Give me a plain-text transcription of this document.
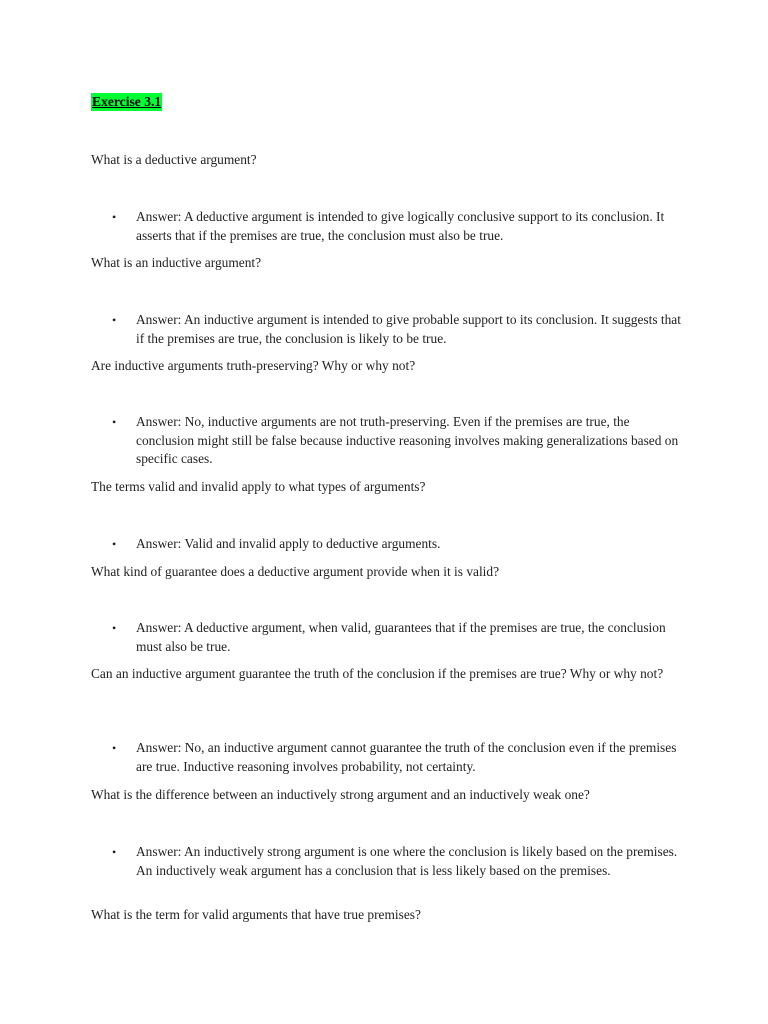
Exercise 3.1

What is a deductive argument?

• Answer: A deductive argument is intended to give logically conclusive support to its conclusion. It asserts that if the premises are true, the conclusion must also be true.

What is an inductive argument?

• Answer: An inductive argument is intended to give probable support to its conclusion. It suggests that if the premises are true, the conclusion is likely to be true.

Are inductive arguments truth-preserving? Why or why not?

• Answer: No, inductive arguments are not truth-preserving. Even if the premises are true, the conclusion might still be false because inductive reasoning involves making generalizations based on specific cases.

The terms valid and invalid apply to what types of arguments?

• Answer: Valid and invalid apply to deductive arguments.

What kind of guarantee does a deductive argument provide when it is valid?

• Answer: A deductive argument, when valid, guarantees that if the premises are true, the conclusion must also be true.

Can an inductive argument guarantee the truth of the conclusion if the premises are true? Why or why not?

• Answer: No, an inductive argument cannot guarantee the truth of the conclusion even if the premises are true. Inductive reasoning involves probability, not certainty.

What is the difference between an inductively strong argument and an inductively weak one?

• Answer: An inductively strong argument is one where the conclusion is likely based on the premises. An inductively weak argument has a conclusion that is less likely based on the premises.

What is the term for valid arguments that have true premises?
